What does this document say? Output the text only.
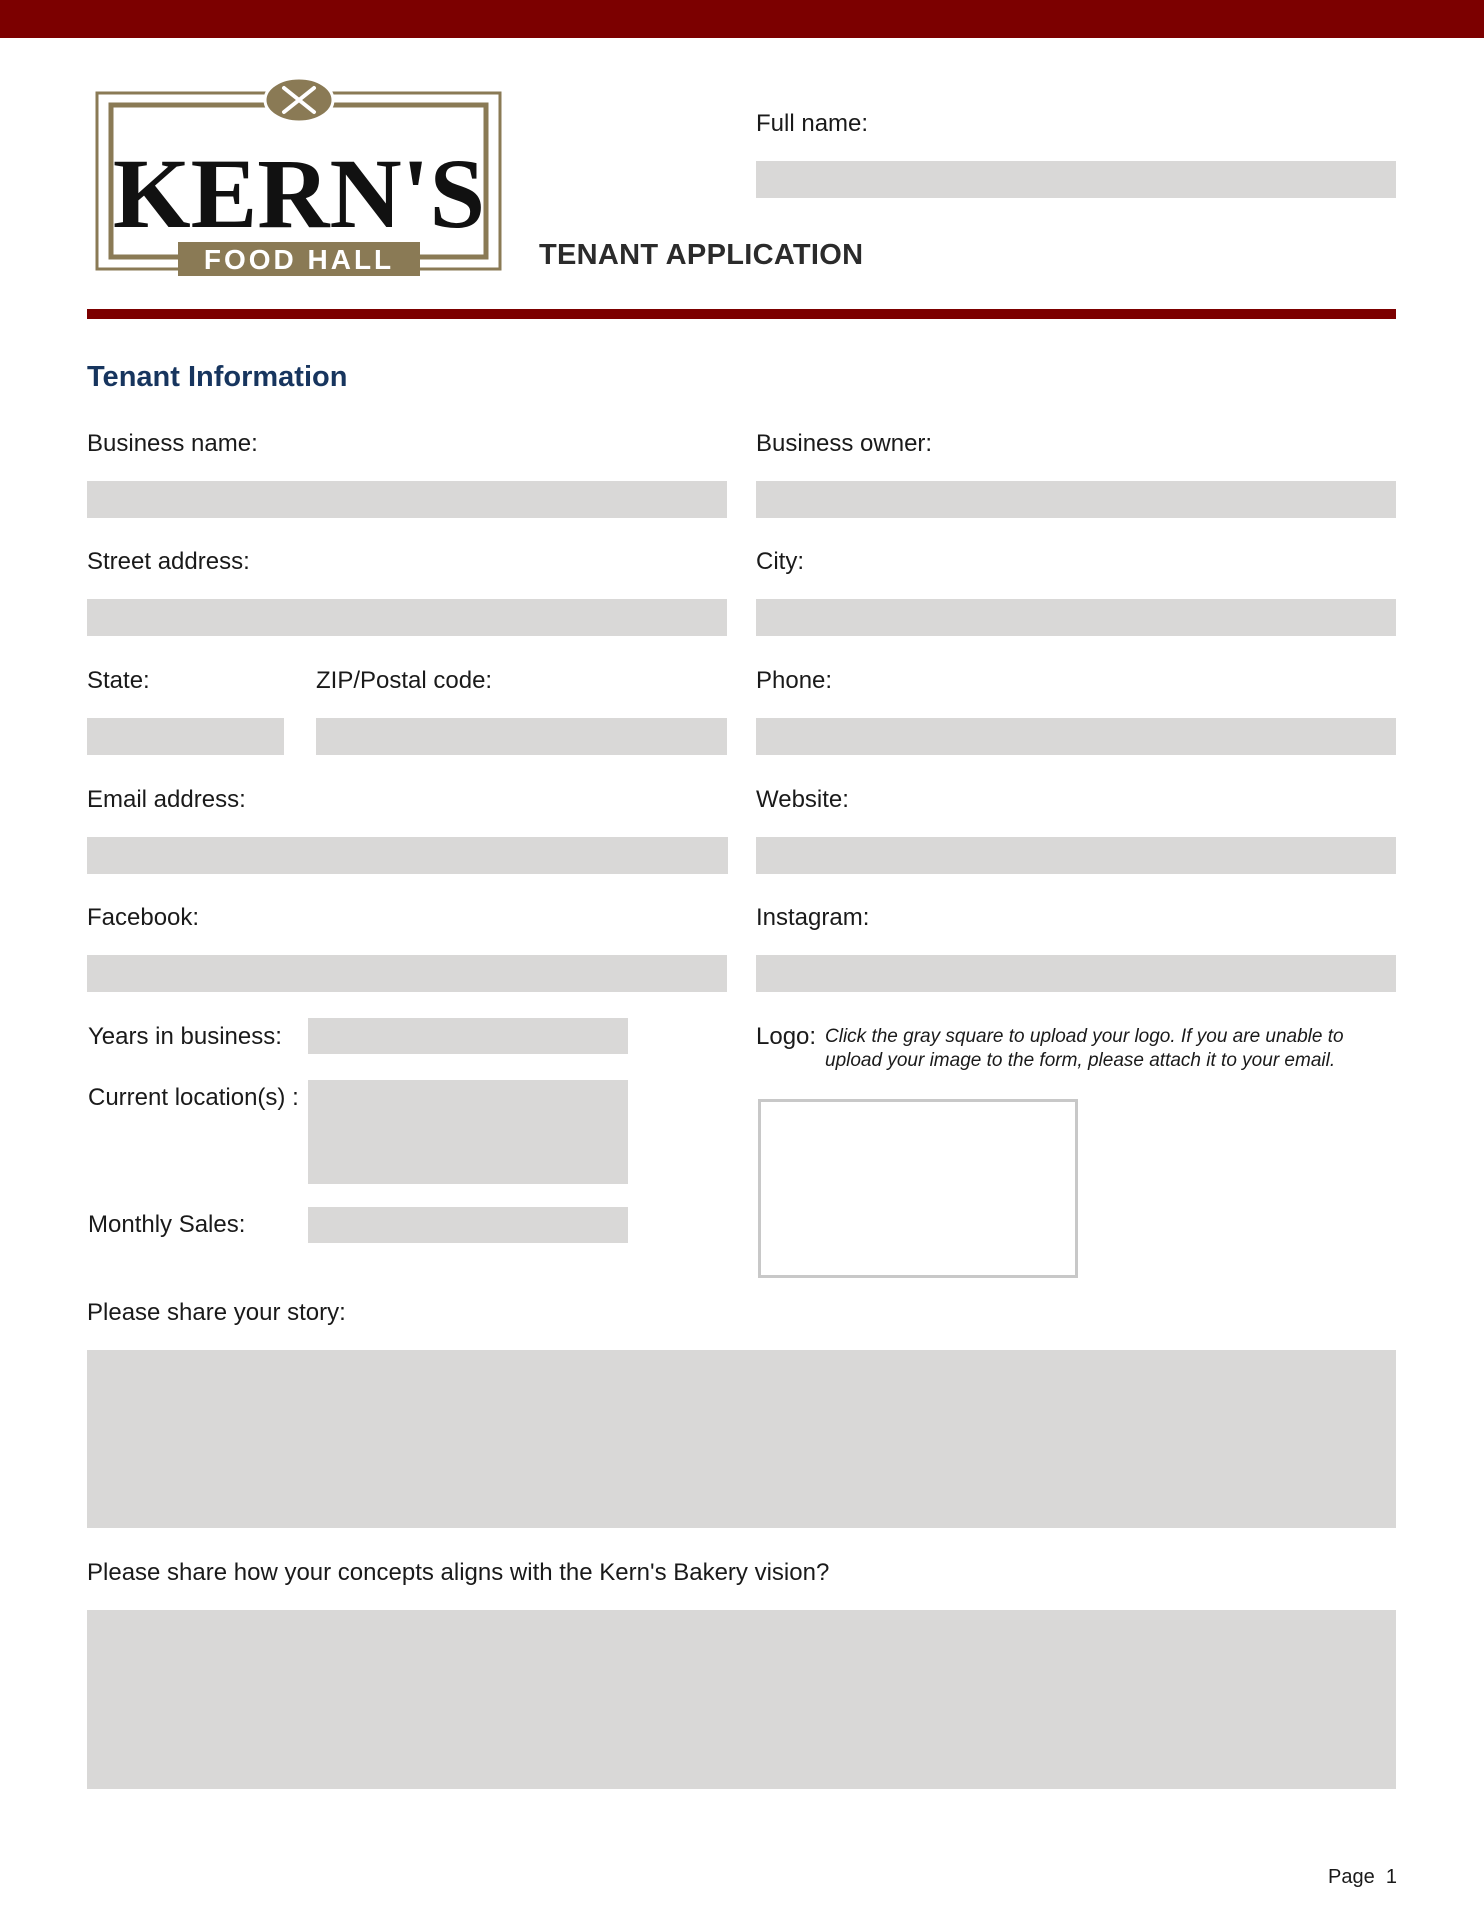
KERN'S
FOOD HALL
Full name:
TENANT APPLICATION
Tenant Information
Business name:	Business owner:
Street address:	City:
State:	ZIP/Postal code:	Phone:
Email address:	Website:
Facebook:	Instagram:
Years in business:
Current location(s) :
Monthly Sales:
Logo: Click the gray square to upload your logo. If you are unable to upload your image to the form, please attach it to your email.
Please share your story:
Please share how your concepts aligns with the Kern's Bakery vision?
Page 1
